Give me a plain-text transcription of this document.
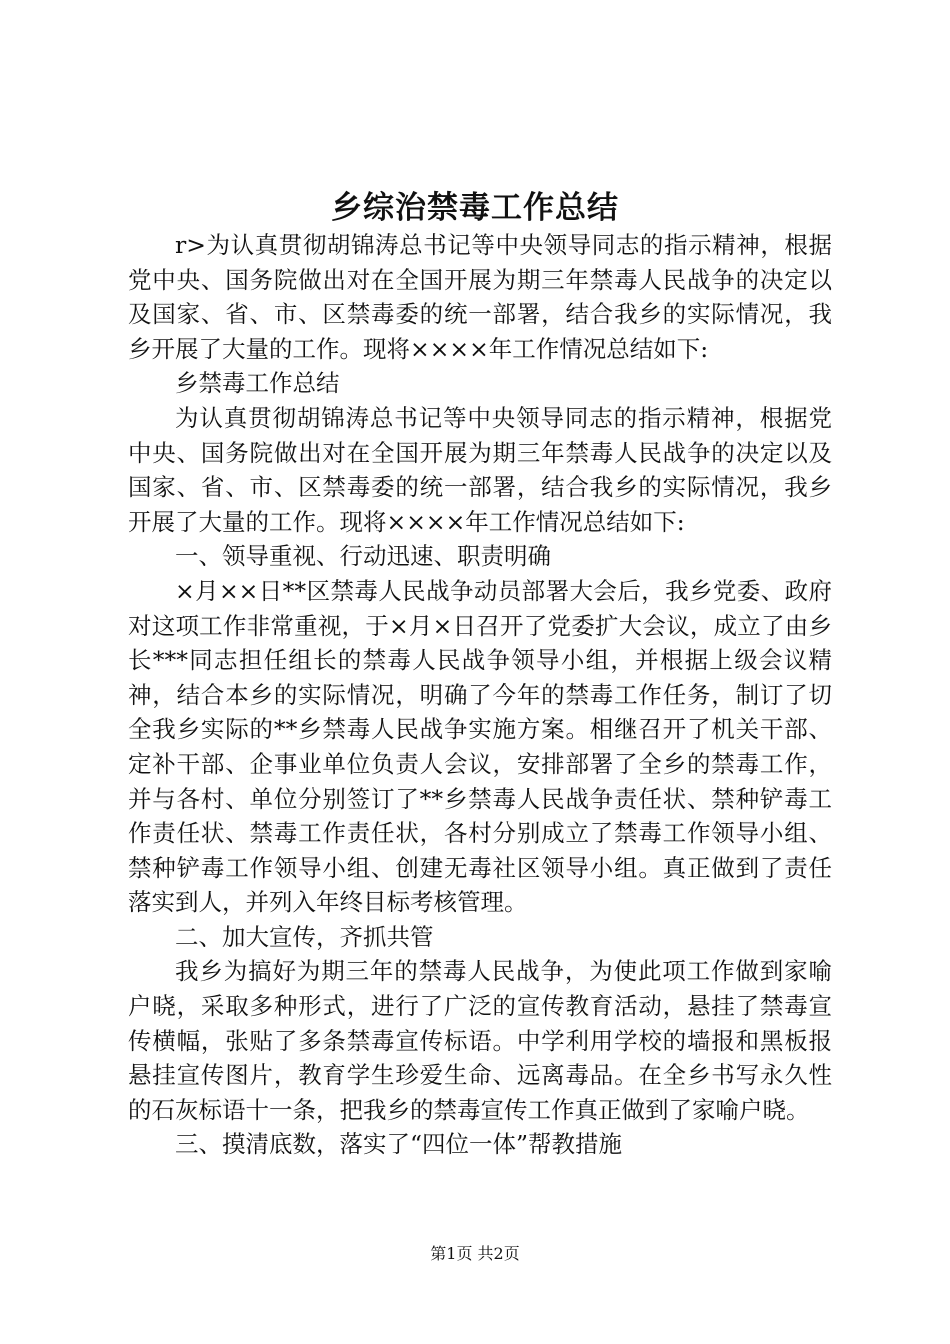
乡综治禁毒工作总结

r>为认真贯彻胡锦涛总书记等中央领导同志的指示精神，根据党中央、国务院做出对在全国开展为期三年禁毒人民战争的决定以及国家、省、市、区禁毒委的统一部署，结合我乡的实际情况，我乡开展了大量的工作。现将××××年工作情况总结如下:

乡禁毒工作总结

为认真贯彻胡锦涛总书记等中央领导同志的指示精神，根据党中央、国务院做出对在全国开展为期三年禁毒人民战争的决定以及国家、省、市、区禁毒委的统一部署，结合我乡的实际情况，我乡开展了大量的工作。现将××××年工作情况总结如下:

一、领导重视、行动迅速、职责明确

×月××日**区禁毒人民战争动员部署大会后，我乡党委、政府对这项工作非常重视，于×月×日召开了党委扩大会议，成立了由乡长***同志担任组长的禁毒人民战争领导小组，并根据上级会议精神，结合本乡的实际情况，明确了今年的禁毒工作任务，制订了切全我乡实际的**乡禁毒人民战争实施方案。相继召开了机关干部、定补干部、企事业单位负责人会议，安排部署了全乡的禁毒工作，并与各村、单位分别签订了**乡禁毒人民战争责任状、禁种铲毒工作责任状、禁毒工作责任状，各村分别成立了禁毒工作领导小组、禁种铲毒工作领导小组、创建无毒社区领导小组。真正做到了责任落实到人，并列入年终目标考核管理。

二、加大宣传，齐抓共管

我乡为搞好为期三年的禁毒人民战争，为使此项工作做到家喻户晓，采取多种形式，进行了广泛的宣传教育活动，悬挂了禁毒宣传横幅，张贴了多条禁毒宣传标语。中学利用学校的墙报和黑板报悬挂宣传图片，教育学生珍爱生命、远离毒品。在全乡书写永久性的石灰标语十一条，把我乡的禁毒宣传工作真正做到了家喻户晓。

三、摸清底数，落实了“四位一体”帮教措施

第1页 共2页
